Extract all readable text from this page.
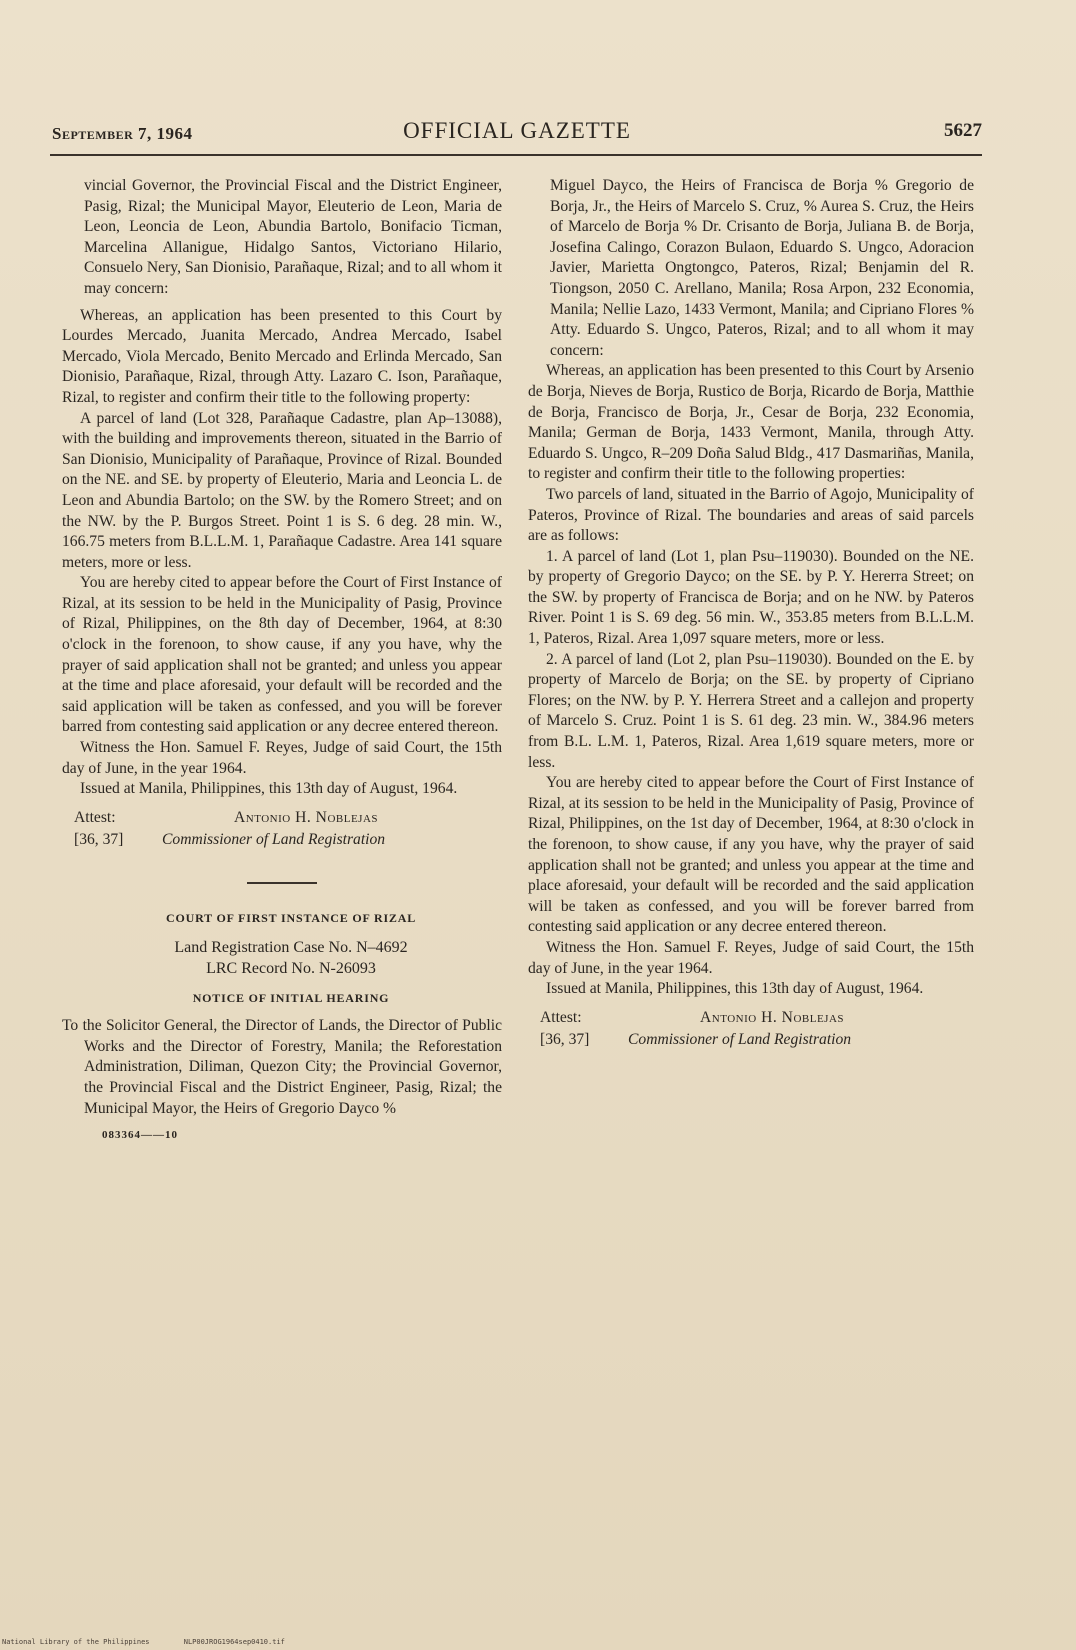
September 7, 1964	OFFICIAL GAZETTE	5627

vincial Governor, the Provincial Fiscal and the District Engineer, Pasig, Rizal; the Municipal Mayor, Eleuterio de Leon, Maria de Leon, Leoncia de Leon, Abundia Bartolo, Bonifacio Ticman, Marcelina Allanigue, Hidalgo Santos, Victoriano Hilario, Consuelo Nery, San Dionisio, Parañaque, Rizal; and to all whom it may concern:

Whereas, an application has been presented to this Court by Lourdes Mercado, Juanita Mercado, Andrea Mercado, Isabel Mercado, Viola Mercado, Benito Mercado and Erlinda Mercado, San Dionisio, Parañaque, Rizal, through Atty. Lazaro C. Ison, Parañaque, Rizal, to register and confirm their title to the following property:

A parcel of land (Lot 328, Parañaque Cadastre, plan Ap–13088), with the building and improvements thereon, situated in the Barrio of San Dionisio, Municipality of Parañaque, Province of Rizal. Bounded on the NE. and SE. by property of Eleuterio, Maria and Leoncia L. de Leon and Abundia Bartolo; on the SW. by the Romero Street; and on the NW. by the P. Burgos Street. Point 1 is S. 6 deg. 28 min. W., 166.75 meters from B.L.L.M. 1, Parañaque Cadastre. Area 141 square meters, more or less.

You are hereby cited to appear before the Court of First Instance of Rizal, at its session to be held in the Municipality of Pasig, Province of Rizal, Philippines, on the 8th day of December, 1964, at 8:30 o'clock in the forenoon, to show cause, if any you have, why the prayer of said application shall not be granted; and unless you appear at the time and place aforesaid, your default will be recorded and the said application will be taken as confessed, and you will be forever barred from contesting said application or any decree entered thereon.

Witness the Hon. Samuel F. Reyes, Judge of said Court, the 15th day of June, in the year 1964.

Issued at Manila, Philippines, this 13th day of August, 1964.

Attest:
[36, 37]
Antonio H. Noblejas
Commissioner of Land Registration

COURT OF FIRST INSTANCE OF RIZAL

Land Registration Case No. N–4692

LRC Record No. N-26093

NOTICE OF INITIAL HEARING

To the Solicitor General, the Director of Lands, the Director of Public Works and the Director of Forestry, Manila; the Reforestation Administration, Diliman, Quezon City; the Provincial Governor, the Provincial Fiscal and the District Engineer, Pasig, Rizal; the Municipal Mayor, the Heirs of Gregorio Dayco %

083364——10

Miguel Dayco, the Heirs of Francisca de Borja % Gregorio de Borja, Jr., the Heirs of Marcelo S. Cruz, % Aurea S. Cruz, the Heirs of Marcelo de Borja % Dr. Crisanto de Borja, Juliana B. de Borja, Josefina Calingo, Corazon Bulaon, Eduardo S. Ungco, Adoracion Javier, Marietta Ongtongco, Pateros, Rizal; Benjamin del R. Tiongson, 2050 C. Arellano, Manila; Rosa Arpon, 232 Economia, Manila; Nellie Lazo, 1433 Vermont, Manila; and Cipriano Flores % Atty. Eduardo S. Ungco, Pateros, Rizal; and to all whom it may concern:

Whereas, an application has been presented to this Court by Arsenio de Borja, Nieves de Borja, Rustico de Borja, Ricardo de Borja, Matthie de Borja, Francisco de Borja, Jr., Cesar de Borja, 232 Economia, Manila; German de Borja, 1433 Vermont, Manila, through Atty. Eduardo S. Ungco, R–209 Doña Salud Bldg., 417 Dasmariñas, Manila, to register and confirm their title to the following properties:

Two parcels of land, situated in the Barrio of Agojo, Municipality of Pateros, Province of Rizal. The boundaries and areas of said parcels are as follows:

1. A parcel of land (Lot 1, plan Psu–119030). Bounded on the NE. by property of Gregorio Dayco; on the SE. by P. Y. Hererra Street; on the SW. by property of Francisca de Borja; and on he NW. by Pateros River. Point 1 is S. 69 deg. 56 min. W., 353.85 meters from B.L.L.M. 1, Pateros, Rizal. Area 1,097 square meters, more or less.

2. A parcel of land (Lot 2, plan Psu–119030). Bounded on the E. by property of Marcelo de Borja; on the SE. by property of Cipriano Flores; on the NW. by P. Y. Herrera Street and a callejon and property of Marcelo S. Cruz. Point 1 is S. 61 deg. 23 min. W., 384.96 meters from B.L. L.M. 1, Pateros, Rizal. Area 1,619 square meters, more or less.

You are hereby cited to appear before the Court of First Instance of Rizal, at its session to be held in the Municipality of Pasig, Province of Rizal, Philippines, on the 1st day of December, 1964, at 8:30 o'clock in the forenoon, to show cause, if any you have, why the prayer of said application shall not be granted; and unless you appear at the time and place aforesaid, your default will be recorded and the said application will be taken as confessed, and you will be forever barred from contesting said application or any decree entered thereon.

Witness the Hon. Samuel F. Reyes, Judge of said Court, the 15th day of June, in the year 1964.

Issued at Manila, Philippines, this 13th day of August, 1964.

Attest:
[36, 37]
Antonio H. Noblejas
Commissioner of Land Registration
National Library of the Philippines	NLP00JROG1964sep0410.tif
